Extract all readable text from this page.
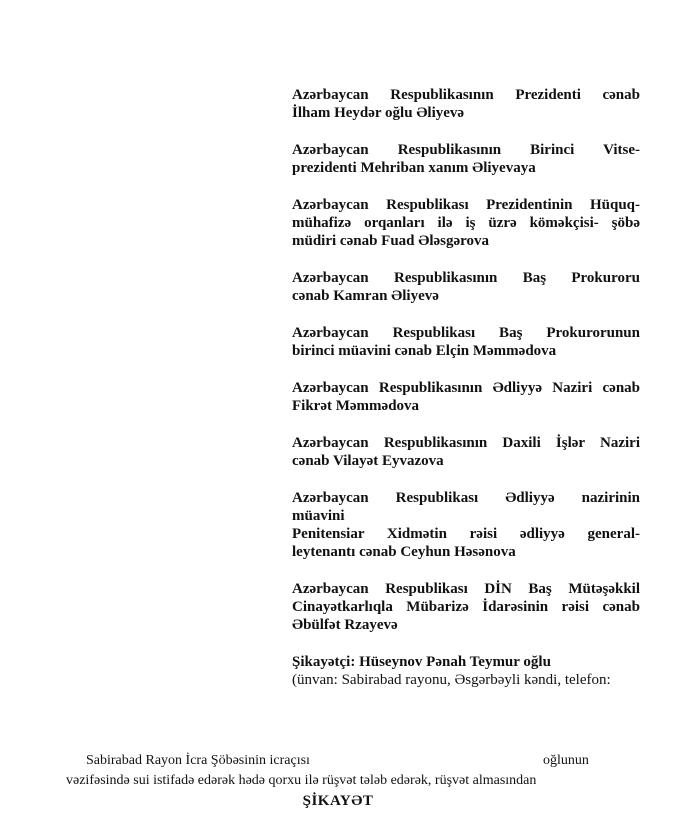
Azərbaycan Respublikasının Prezidenti cənab
İlham Heydər oğlu Əliyevə
Azərbaycan Respublikasının Birinci Vitse-
prezidenti Mehriban xanım Əliyevaya
Azərbaycan Respublikası Prezidentinin Hüquq-
mühafizə orqanları ilə iş üzrə köməkçisi- şöbə
müdiri cənab Fuad Ələsgərova
Azərbaycan Respublikasının Baş Prokuroru
cənab Kamran Əliyevə
Azərbaycan Respublikası Baş Prokurorunun
birinci müavini cənab Elçin Məmmədova
Azərbaycan Respublikasının Ədliyyə Naziri cənab
Fikrət Məmmədova
Azərbaycan Respublikasının Daxili İşlər Naziri
cənab Vilayət Eyvazova
Azərbaycan Respublikası Ədliyyə nazirinin
müavini
Penitensiar Xidmətin rəisi ədliyyə general-
leytenantı cənab Ceyhun Həsənova
Azərbaycan Respublikası DİN Baş Mütəşəkkil
Cinayətkarlıqla Mübarizə İdarəsinin rəisi cənab
Əbülfət Rzayevə

Şikayətçi: Hüseynov Pənah Teymur oğlu

(ünvan: Sabirabad rayonu, Əsgərbəyli kəndi, telefon:

Sabirabad Rayon İcra Şöbəsinin icraçısı	oğlunun
vəzifəsində sui istifadə edərək hədə qorxu ilə rüşvət tələb edərək, rüşvət almasından
ŞİKAYƏT
